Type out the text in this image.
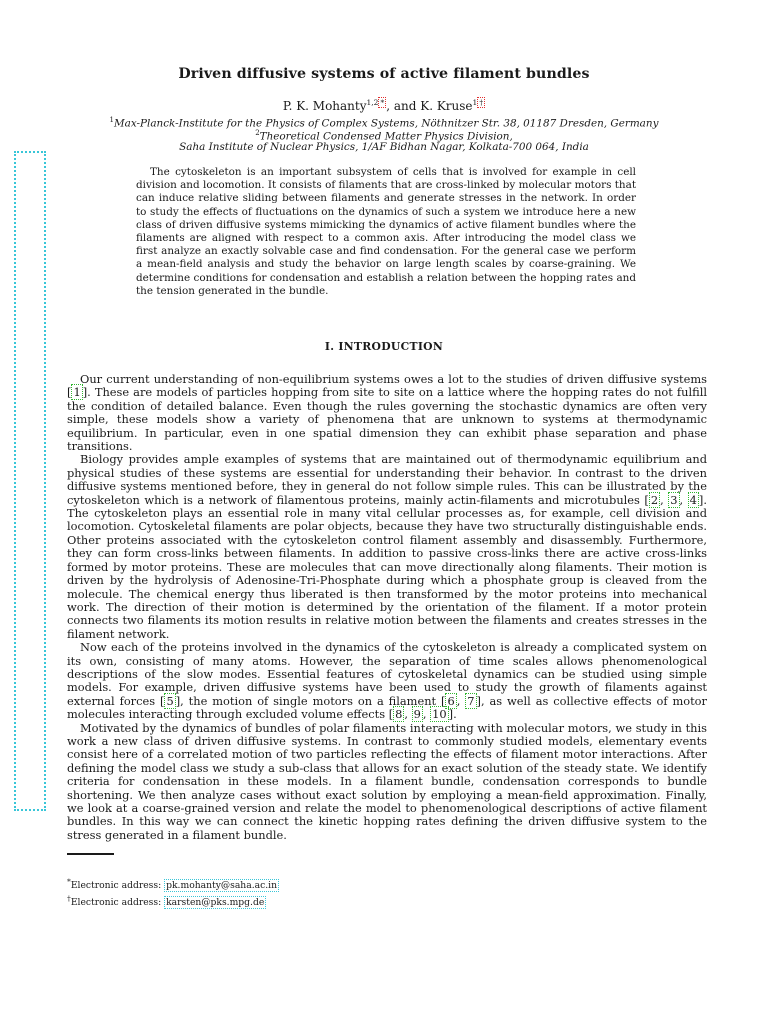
Driven diffusive systems of active filament bundles
P. K. Mohanty$^{1,2}$ * , and K. Kruse$^1$ †
$^1$Max-Planck-Institute for the Physics of Complex Systems, Nöthnitzer Str. 38, 01187 Dresden, Germany
$^2$Theoretical Condensed Matter Physics Division,
Saha Institute of Nuclear Physics, 1/AF Bidhan Nagar, Kolkata-700 064, India

The cytoskeleton is an important subsystem of cells that is involved for example in cell division and locomotion. It consists of filaments that are cross-linked by molecular motors that can induce relative sliding between filaments and generate stresses in the network. In order to study the effects of fluctuations on the dynamics of such a system we introduce here a new class of driven diffusive systems mimicking the dynamics of active filament bundles where the filaments are aligned with respect to a common axis. After introducing the model class we first analyze an exactly solvable case and find condensation. For the general case we perform a mean-field analysis and study the behavior on large length scales by coarse-graining. We determine conditions for condensation and establish a relation between the hopping rates and the tension generated in the bundle.

I. INTRODUCTION

Our current understanding of non-equilibrium systems owes a lot to the studies of driven diffusive systems [ 1 ]. These are models of particles hopping from site to site on a lattice where the hopping rates do not fulfill the condition of detailed balance. Even though the rules governing the stochastic dynamics are often very simple, these models show a variety of phenomena that are unknown to systems at thermodynamic equilibrium. In particular, even in one spatial dimension they can exhibit phase separation and phase transitions.

Biology provides ample examples of systems that are maintained out of thermodynamic equilibrium and physical studies of these systems are essential for understanding their behavior. In contrast to the driven diffusive systems mentioned before, they in general do not follow simple rules. This can be illustrated by the cytoskeleton which is a network of filamentous proteins, mainly actin-filaments and microtubules [ 2 , 3 , 4 ]. The cytoskeleton plays an essential role in many vital cellular processes as, for example, cell division and locomotion. Cytoskeletal filaments are polar objects, because they have two structurally distinguishable ends. Other proteins associated with the cytoskeleton control filament assembly and disassembly. Furthermore, they can form cross-links between filaments. In addition to passive cross-links there are active cross-links formed by motor proteins. These are molecules that can move directionally along filaments. Their motion is driven by the hydrolysis of Adenosine-Tri-Phosphate during which a phosphate group is cleaved from the molecule. The chemical energy thus liberated is then transformed by the motor proteins into mechanical work. The direction of their motion is determined by the orientation of the filament. If a motor protein connects two filaments its motion results in relative motion between the filaments and creates stresses in the filament network.

Now each of the proteins involved in the dynamics of the cytoskeleton is already a complicated system on its own, consisting of many atoms. However, the separation of time scales allows phenomenological descriptions of the slow modes. Essential features of cytoskeletal dynamics can be studied using simple models. For example, driven diffusive systems have been used to study the growth of filaments against external forces [ 5 ], the motion of single motors on a filament [ 6 , 7 ], as well as collective effects of motor molecules interacting through excluded volume effects [ 8 , 9 , 10 ].

Motivated by the dynamics of bundles of polar filaments interacting with molecular motors, we study in this work a new class of driven diffusive systems. In contrast to commonly studied models, elementary events consist here of a correlated motion of two particles reflecting the effects of filament motor interactions. After defining the model class we study a sub-class that allows for an exact solution of the steady state. We identify criteria for condensation in these models. In a filament bundle, condensation corresponds to bundle shortening. We then analyze cases without exact solution by employing a mean-field approximation. Finally, we look at a coarse-grained version and relate the model to phenomenological descriptions of active filament bundles. In this way we can connect the kinetic hopping rates defining the driven diffusive system to the stress generated in a filament bundle.

*Electronic address: pk.mohanty@saha.ac.in
†Electronic address: karsten@pks.mpg.de
